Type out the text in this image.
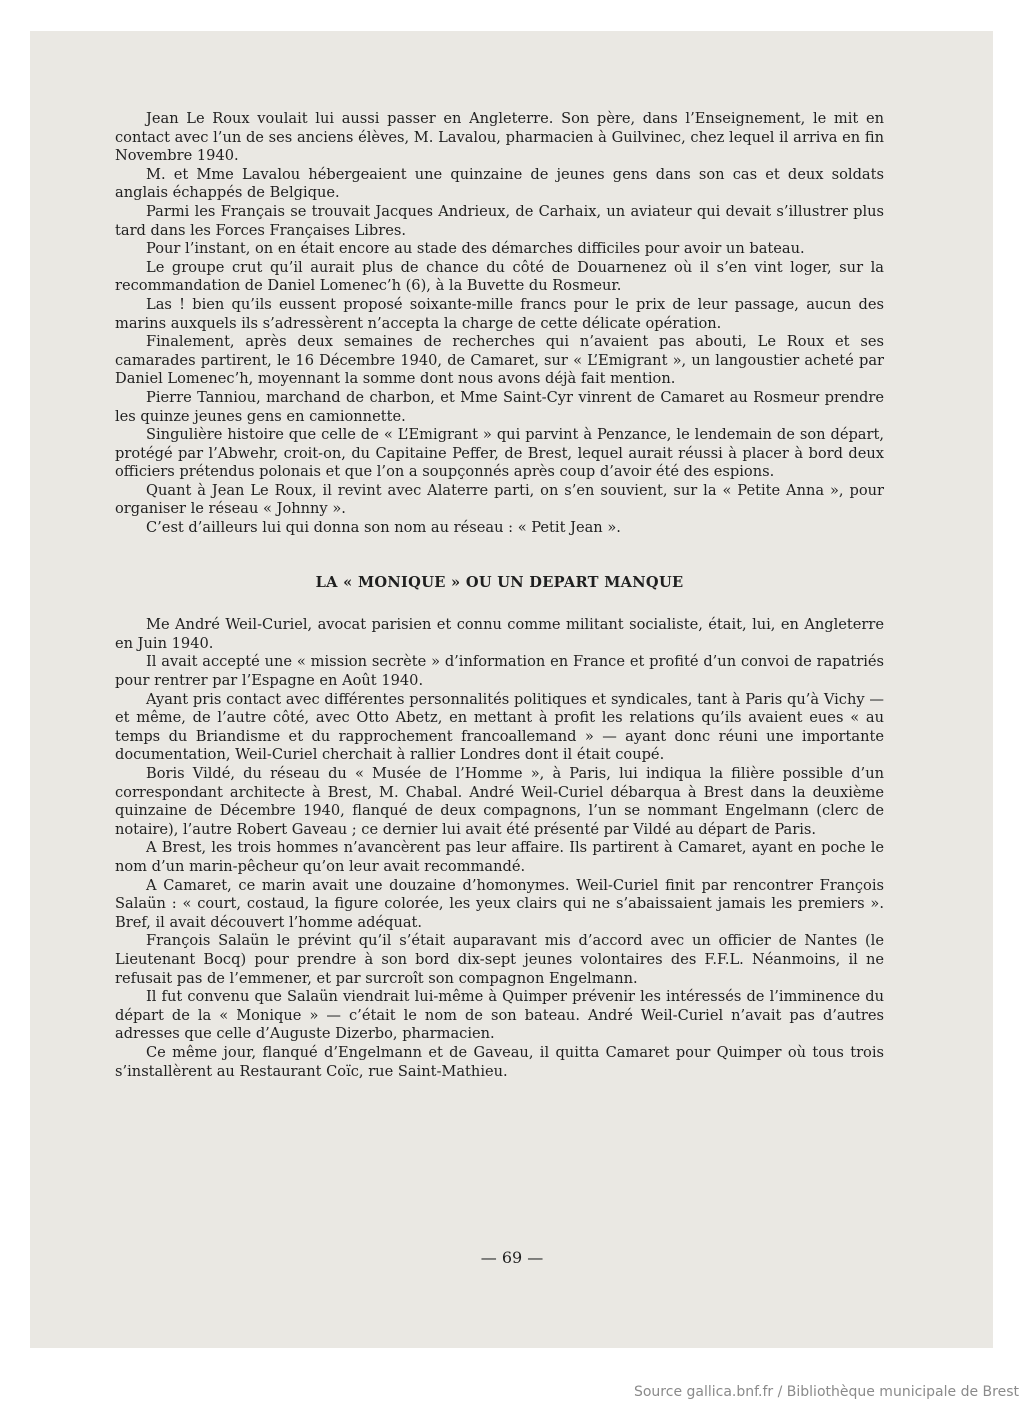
Jean Le Roux voulait lui aussi passer en Angleterre. Son père, dans l’Enseignement, le mit en contact avec l’un de ses anciens élèves, M. Lavalou, pharmacien à Guilvinec, chez lequel il arriva en fin Novembre 1940.

M. et Mme Lavalou hébergeaient une quinzaine de jeunes gens dans son cas et deux soldats anglais échappés de Belgique.

Parmi les Français se trouvait Jacques Andrieux, de Carhaix, un aviateur qui devait s’illustrer plus tard dans les Forces Françaises Libres.

Pour l’instant, on en était encore au stade des démarches difficiles pour avoir un bateau.

Le groupe crut qu’il aurait plus de chance du côté de Douarnenez où il s’en vint loger, sur la recommandation de Daniel Lomenec’h (6), à la Buvette du Rosmeur.

Las ! bien qu’ils eussent proposé soixante-mille francs pour le prix de leur passage, aucun des marins auxquels ils s’adressèrent n’accepta la charge de cette délicate opération.

Finalement, après deux semaines de recherches qui n’avaient pas abouti, Le Roux et ses camarades partirent, le 16 Décembre 1940, de Camaret, sur « L’Emigrant », un langoustier acheté par Daniel Lomenec’h, moyennant la somme dont nous avons déjà fait mention.

Pierre Tanniou, marchand de charbon, et Mme Saint-Cyr vinrent de Camaret au Rosmeur prendre les quinze jeunes gens en camionnette.

Singulière histoire que celle de « L’Emigrant » qui parvint à Penzance, le lendemain de son départ, protégé par l’Abwehr, croit-on, du Capitaine Peffer, de Brest, lequel aurait réussi à placer à bord deux officiers prétendus polonais et que l’on a soupçonnés après coup d’avoir été des espions.

Quant à Jean Le Roux, il revint avec Alaterre parti, on s’en souvient, sur la « Petite Anna », pour organiser le réseau « Johnny ».

C’est d’ailleurs lui qui donna son nom au réseau : « Petit Jean ».

LA « MONIQUE » OU UN DEPART MANQUE

Me André Weil-Curiel, avocat parisien et connu comme militant socialiste, était, lui, en Angleterre en Juin 1940.

Il avait accepté une « mission secrète » d’information en France et profité d’un convoi de rapatriés pour rentrer par l’Espagne en Août 1940.

Ayant pris contact avec différentes personnalités politiques et syndicales, tant à Paris qu’à Vichy — et même, de l’autre côté, avec Otto Abetz, en mettant à profit les relations qu’ils avaient eues « au temps du Briandisme et du rapprochement francoallemand » — ayant donc réuni une importante documentation, Weil-Curiel cherchait à rallier Londres dont il était coupé.

Boris Vildé, du réseau du « Musée de l’Homme », à Paris, lui indiqua la filière possible d’un correspondant architecte à Brest, M. Chabal. André Weil-Curiel débarqua à Brest dans la deuxième quinzaine de Décembre 1940, flanqué de deux compagnons, l’un se nommant Engelmann (clerc de notaire), l’autre Robert Gaveau ; ce dernier lui avait été présenté par Vildé au départ de Paris.

A Brest, les trois hommes n’avancèrent pas leur affaire. Ils partirent à Camaret, ayant en poche le nom d’un marin-pêcheur qu’on leur avait recommandé.

A Camaret, ce marin avait une douzaine d’homonymes. Weil-Curiel finit par rencontrer François Salaün : « court, costaud, la figure colorée, les yeux clairs qui ne s’abaissaient jamais les premiers ». Bref, il avait découvert l’homme adéquat.

François Salaün le prévint qu’il s’était auparavant mis d’accord avec un officier de Nantes (le Lieutenant Bocq) pour prendre à son bord dix-sept jeunes volontaires des F.F.L. Néanmoins, il ne refusait pas de l’emmener, et par surcroît son compagnon Engelmann.

Il fut convenu que Salaün viendrait lui-même à Quimper prévenir les intéressés de l’imminence du départ de la « Monique » — c’était le nom de son bateau. André Weil-Curiel n’avait pas d’autres adresses que celle d’Auguste Dizerbo, pharmacien.

Ce même jour, flanqué d’Engelmann et de Gaveau, il quitta Camaret pour Quimper où tous trois s’installèrent au Restaurant Coïc, rue Saint-Mathieu.

— 69 —
Source gallica.bnf.fr / Bibliothèque municipale de Brest
